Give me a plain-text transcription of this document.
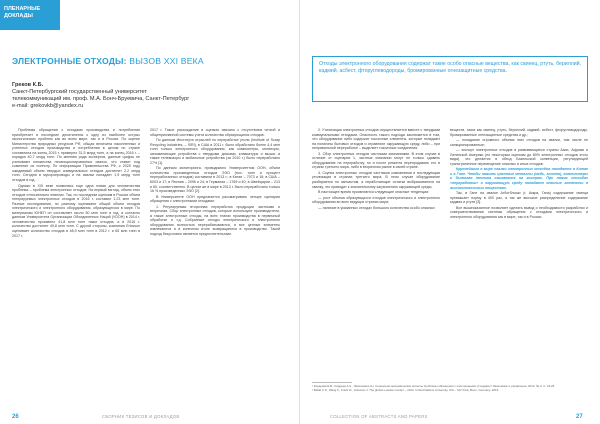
ПЛЕНАРНЫЕ
ДОКЛАДЫ
ЭЛЕКТРОННЫЕ ОТХОДЫ: ВЫЗОВ XXI ВЕКА
Греков К.Б.
Санкт-Петербургский государственный университет
телекоммуникаций им. проф. М.А. Бонч-Бруевича, Санкт-Петербург
e-mail: grekovkb@yandex.ru

Проблема обращения с отходами производства и потребления приобретает в последние десятилетия к одну из наиболее острых экологических проблем как во всем мире, так и в России. По оценке Министерства природных ресурсов РФ, общая величина накопленных и учтенных отходов производства и потребления в целом по стране составляла на конец 2015 г. примерно 31,5 млрд тонн, а на конец 2016 г. – порядка 40,7 млрд тонн. По мнению ряда экспертов, данные цифры не учитывают множества несанкционированных свалок, что ставит под сомнение их полноту. По информации Правительства РФ, к 2025 году ожидаемый объем твердых коммунальных отходов достигнет 2,2 млрд тонн. Сегодня в мусоропроводы и на свалки попадает 1,9 млрд тонн отходов в год.

Однако в XXI веке появилась еще одна новая для человечества проблема – проблема электронных отходов. На первый взгляд, объем этих отходов относительно невелик. Так, по последним оценкам в России объем генерируемых электронных отходов в 2016 г. составил 1,23 млн тонн. Разные исследования, по разному оценивают общий объем отходов электрического и электронного оборудования, образующегося в мире. По материалам ЮНЕП он составляет около 50 млн тонн в год, а согласно данным Университета Организации Объединенных Наций (УООН) в 2014 г. человечество произвело 41,8 млн тонн таких отходов, а в 2016 г. количество достигнет 49,8 млн тонн. С другой стороны, компания Ericsson оценивает количество отходов в 48,9 млн тонн в 2012 г. и 65 млн тонн в 2017 г.

2017 г. Такое расхождение в оценках связано с отсутствием четкой и общепризнанной системы учета количества образующихся отходов.

По данным Института отраслей по переработке утиля (Institute of Scrap Recycling Industries, – ISRI), в США в 2011 г. было обработано более 4,4 млн тонн только электронного оборудования, как компьютеры, мониторы, запоминающие устройства с твердыми дисками, клавиатуры и мыши, а также телевизоры и мобильные устройства (за 2010 г.) было переработано 27% [1].

По данным мониторинга, проводимого Университетом ООН, объем количества произведенных отходов ЭЭО (тыс. тонн и процент переработанных отходов) составили в 2013 г.: в Китае – 7073 и 18; в США – 6003 и 17; в Японии – 2096 и 24; в Германии – 1769 и 40; в Швейцарии – 213 и 80, соответственно. В целом же в мире в 2013 г. было переработано только 16 % произведенных ЭЭО [2].

В Университете ООН предлагается рассматривать четыре сценария обращения с электронными отходами:

1. Регулируемая вторичная переработка продукции частными и вторичная. Сбор электронных отходов, которые используют производители, а также электронные отходы, на всех этапах производства в первичный обработке и т.д. Собранные отходы электрического и электронного оборудования полностью перерабатываются, а все ценные элементы извлекаются и в конечном итоге возвращаются в производство. Такой подход безусловно является предпочтительным.

26	СБОРНИК ТЕЗИСОВ И ДОКЛАДОВ
Отходы электронного оборудования содержат такие особо опасные вещества, как свинец, ртуть, бериллий, кадмий, асбест, фторуглеводороды, бромированные огнезащитные средства.

2. Утилизация электронных отходов осуществляется вместе с твердыми коммунальными отходами. Опасность такого подхода заключается в том, что оборудование либо содержит токсичные элементы, которые попадают на полигоны бытовых отходов и отравляют окружающую среду, либо – при неправильной переработке – выделяет токсичные соединения.

3. Сбор электронных отходов частными компаниями. В этом случае в отличие от сценария 1, частные компании могут не только сдавать оборудование на переработку, но и после ремонта перепродавать его в страны третьего мира, либо в вторичном рынке в своей стране.

4. Скупка электронных отходов частными компаниями и последующая утилизация в странах третьего мира. В этом случае оборудование разбирается по запчастям, а неработающие остатки выбрасываются на свалку, что приводит к значительному загрязнению окружающей среды.

В настоящее время проявляются следующие опасные тенденции:

— рост объема образующихся отходов электрического и электронного оборудования во всех ведущих странах мира;

— наличие в указанных отходах большого количества особо опасных

веществ, таких как свинец, ртуть, бериллий, кадмий, асбест, фторуглеводороды, бромированные огнезащитные средства и др.;

— попадание огромного объема этих отходов на свалки, том числе не санкционированные;

— экспорт электронных отходов в развивающиеся страны Азии, Африки и Латинской Америки (по некоторым оценкам до 80% электронных отходов этого вида), что делается в обход Базельской конвенции, регулирующей трансграничное перемещение опасных и иных отходов.

Крупнейшим в мире свалки электронных отходов находятся в Китае и в Гане. Чтобы нажить цветные металлы (медь, золото), компьютеры и бытовая техника сжигаются на кострах. При таких способах «переработки» в окружающую среду попадают опасные элементы в высокотоксичных веществах.

Так, в Гане на свалке Агбогблоши (г. Аккра, Гана) содержание свинца превышает норму в 400 раз, а так же высокое распределение содержание кадмия и ртути [3].

Все вышесказанное позволяет сделать вывод о необходимости разработки и совершенствования системы обращения с отходами электрического и электронного оборудования как в мире, так и в России.

¹ Кирдеева Е.Б., Кирдеев А.А., Ласинская Н.Н. Социально-экономические аспекты проблемы обращения с электронными отходами // Экономика и управление. 2014. № 3. С. 23-26.
² Baldé C.P., Wang F., Kuehr R., Huisman J. The global e-waste monitor – 2014. United Nations University, IAS – SCYCLE, Bonn, Germany, 2015.
COLLECTION OF ABSTRACTS AND PAPERS	27
